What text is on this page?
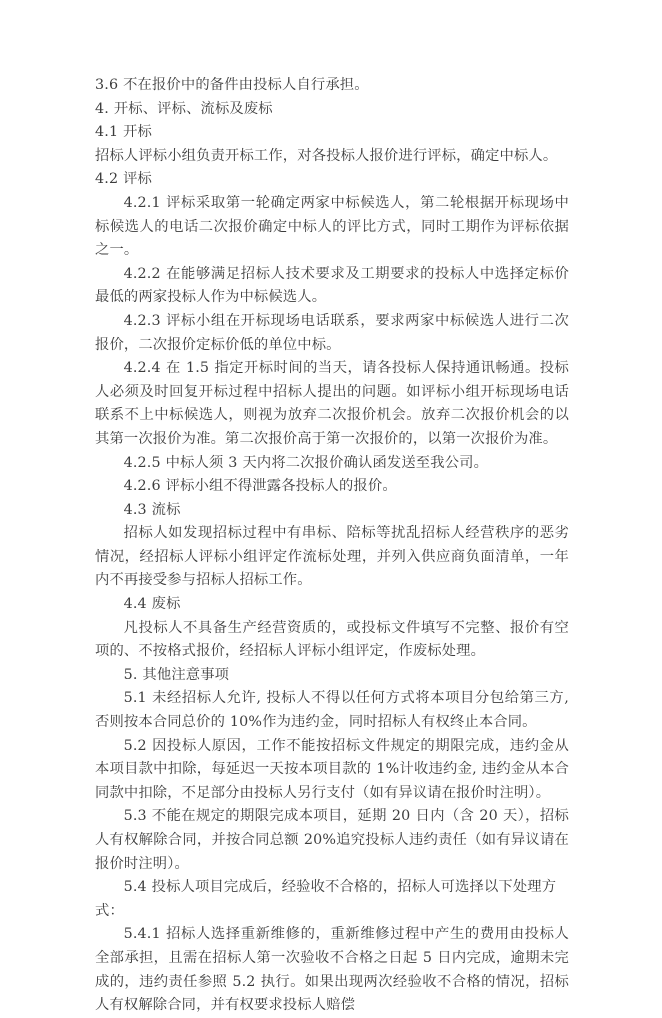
3.6 不在报价中的备件由投标人自行承担。

4. 开标、评标、流标及废标

4.1 开标

招标人评标小组负责开标工作，对各投标人报价进行评标，确定中标人。

4.2 评标

4.2.1 评标采取第一轮确定两家中标候选人，第二轮根据开标现场中标候选人的电话二次报价确定中标人的评比方式，同时工期作为评标依据之一。

4.2.2 在能够满足招标人技术要求及工期要求的投标人中选择定标价最低的两家投标人作为中标候选人。

4.2.3 评标小组在开标现场电话联系，要求两家中标候选人进行二次报价，二次报价定标价低的单位中标。

4.2.4 在 1.5 指定开标时间的当天，请各投标人保持通讯畅通。投标人必须及时回复开标过程中招标人提出的问题。如评标小组开标现场电话联系不上中标候选人，则视为放弃二次报价机会。放弃二次报价机会的以其第一次报价为准。第二次报价高于第一次报价的，以第一次报价为准。

4.2.5 中标人须 3 天内将二次报价确认函发送至我公司。

4.2.6 评标小组不得泄露各投标人的报价。

4.3 流标

招标人如发现招标过程中有串标、陪标等扰乱招标人经营秩序的恶劣情况，经招标人评标小组评定作流标处理，并列入供应商负面清单，一年内不再接受参与招标人招标工作。

4.4 废标

凡投标人不具备生产经营资质的，或投标文件填写不完整、报价有空项的、不按格式报价，经招标人评标小组评定，作废标处理。

5. 其他注意事项

5.1 未经招标人允许, 投标人不得以任何方式将本项目分包给第三方, 否则按本合同总价的 10%作为违约金，同时招标人有权终止本合同。

5.2 因投标人原因，工作不能按招标文件规定的期限完成，违约金从本项目款中扣除，每延迟一天按本项目款的 1%计收违约金, 违约金从本合同款中扣除，不足部分由投标人另行支付（如有异议请在报价时注明）。

5.3 不能在规定的期限完成本项目，延期 20 日内（含 20 天），招标人有权解除合同，并按合同总额 20%追究投标人违约责任（如有异议请在报价时注明）。

5.4 投标人项目完成后，经验收不合格的，招标人可选择以下处理方式：

5.4.1 招标人选择重新维修的，重新维修过程中产生的费用由投标人全部承担，且需在招标人第一次验收不合格之日起 5 日内完成，逾期未完成的，违约责任参照 5.2 执行。如果出现两次经验收不合格的情况，招标人有权解除合同，并有权要求投标人赔偿
